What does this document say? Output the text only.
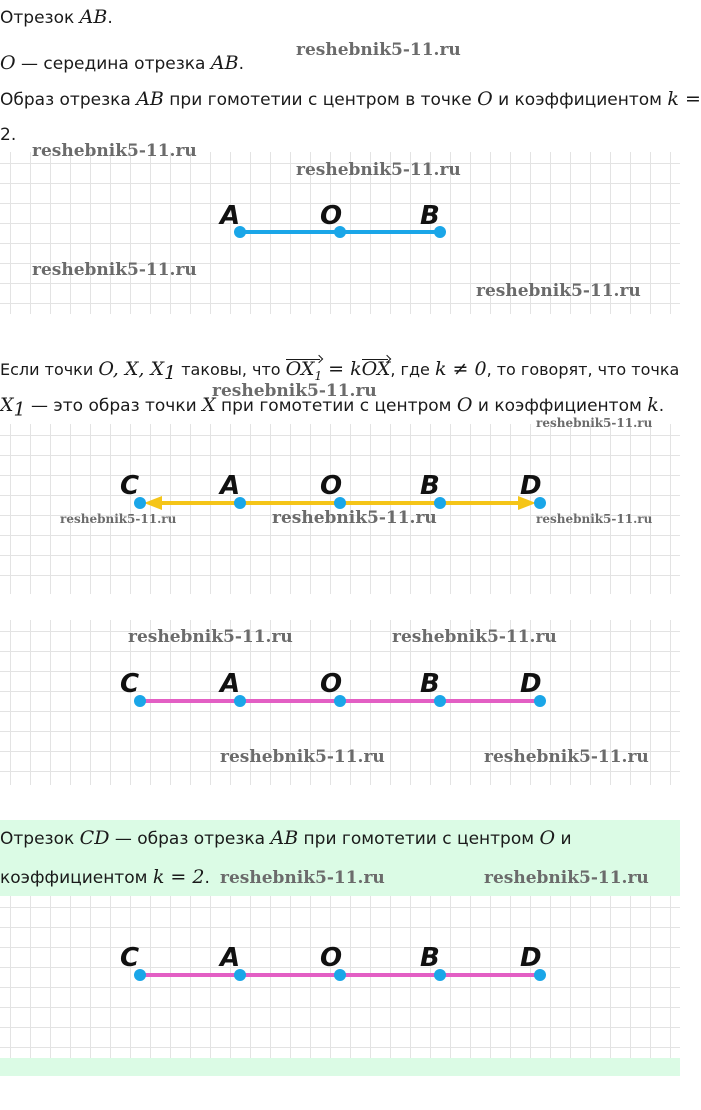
Отрезок AB.
O — середина отрезка AB.
Образ отрезка AB при гомотетии с центром в точке O и коэффициентом k =
2.
A	O	B
Если точки O, X, $X_1$ таковы, что $OX_1$ = kOX, где k ≠ 0, то говорят, что точка
$X_1$ — это образ точки X при гомотетии с центром O и коэффициентом k.
C	A	O	B	D
C	A	O	B	D
Отрезок CD — образ отрезка AB при гомотетии с центром O и
коэффициентом k = 2.
C	A	O	B	D
reshebnik5-11.ru
reshebnik5-11.ru
reshebnik5-11.ru
reshebnik5-11.ru
reshebnik5-11.ru
reshebnik5-11.ru
reshebnik5-11.ru
reshebnik5-11.ru	reshebnik5-11.ru	reshebnik5-11.ru
reshebnik5-11.ru	reshebnik5-11.ru
reshebnik5-11.ru	reshebnik5-11.ru
reshebnik5-11.ru	reshebnik5-11.ru
